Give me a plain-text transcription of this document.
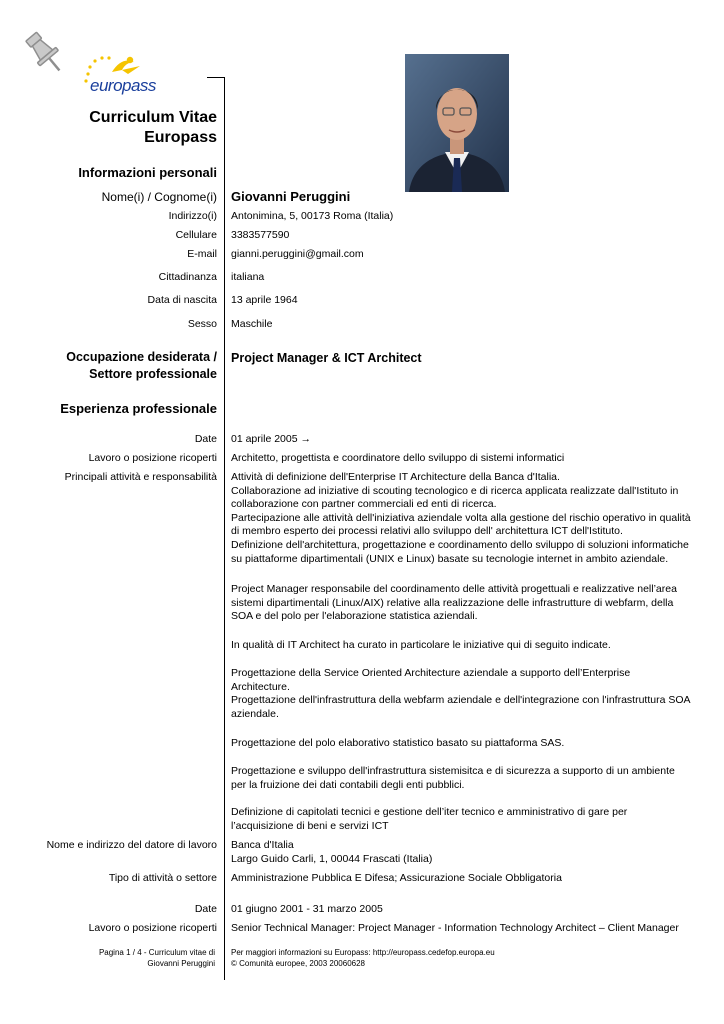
europass
Curriculum Vitae
Europass
Informazioni personali
Nome(i) / Cognome(i) Giovanni Peruggini
Indirizzo(i) Antonimina, 5, 00173 Roma (Italia)
Cellulare 3383577590
E-mail gianni.peruggini@gmail.com
Cittadinanza italiana
Data di nascita 13 aprile 1964
Sesso Maschile
Occupazione desiderata /
Settore professionale
Project Manager & ICT Architect
Esperienza professionale
Date 01 aprile 2005 →
Lavoro o posizione ricoperti Architetto, progettista e coordinatore dello sviluppo di sistemi informatici
Principali attività e responsabilità Attività di definizione dell'Enterprise IT Architecture della Banca d'Italia.
Collaborazione ad iniziative di scouting tecnologico e di ricerca applicata realizzate dall'Istituto in collaborazione con partner commerciali ed enti di ricerca.
Partecipazione alle attività dell'iniziativa aziendale volta alla gestione del rischio operativo in qualità di membro esperto dei processi relativi allo sviluppo dell' architettura ICT dell'Istituto.
Definizione dell'architettura, progettazione e coordinamento dello sviluppo di soluzioni informatiche su piattaforme dipartimentali (UNIX e Linux) basate su tecnologie internet in ambito aziendale.
Project Manager responsabile del coordinamento delle attività progettuali e realizzative nell’area sistemi dipartimentali (Linux/AIX) relative alla realizzazione delle infrastrutture di webfarm, della SOA e del polo per l'elaborazione statistica aziendali.
In qualità di IT Architect ha curato in particolare le iniziative qui di seguito indicate.
Progettazione della Service Oriented Architecture aziendale a supporto dell’Enterprise Architecture.
Progettazione dell'infrastruttura della webfarm aziendale e dell'integrazione con l'infrastruttura SOA aziendale.
Progettazione del polo elaborativo statistico basato su piattaforma SAS.
Progettazione e sviluppo dell'infrastruttura sistemisitca e di sicurezza a supporto di un ambiente per la fruizione dei dati contabili degli enti pubblici.
Definizione di capitolati tecnici e gestione dell’iter tecnico e amministrativo di gare per l’acquisizione di beni e servizi ICT
Nome e indirizzo del datore di lavoro Banca d'Italia
Largo Guido Carli, 1, 00044 Frascati (Italia)
Tipo di attività o settore Amministrazione Pubblica E Difesa; Assicurazione Sociale Obbligatoria
Date 01 giugno 2001 - 31 marzo 2005
Lavoro o posizione ricoperti Senior Technical Manager: Project Manager - Information Technology Architect – Client Manager
Pagina 1 / 4 - Curriculum vitae di
Giovanni Peruggini
Per maggiori informazioni su Europass: http://europass.cedefop.europa.eu
© Comunità europee, 2003 20060628
